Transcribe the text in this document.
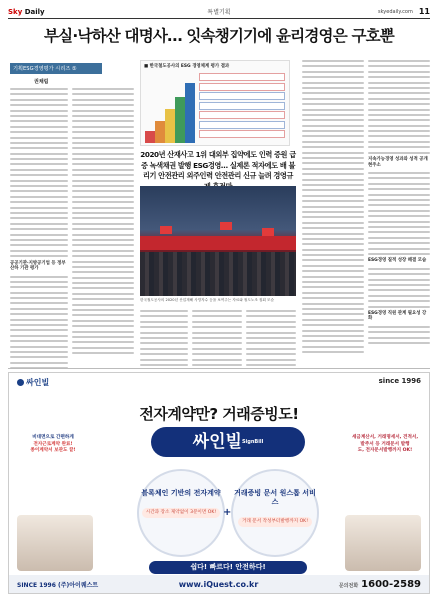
Sky Daily	특별기획	skyedaily.com 11
부실·낙하산 대명사… 잇속챙기기에 윤리경영은 구호뿐
기획ESG경영평가 시리즈 ⑤
권채림
공공기관·지방공기업 등 정부산하 기관 평가
■ 한국철도공사의 ESG 경영체계 평가 결과
2020년 산재사고 1위 대외부 집약에도 인력 증원 급증 녹색채권 발행 ESG경영… 실제론 적자에도 배 불리기 안전관리 외주인력 안전관리 신규 늘려 경영규
한국철도공사의 2020년 산업재해 사망자수 등을 보여주는 자료와 철도노조 집회 모습
지속가능경영 성과와 성적 공개 현주소
ESG경영 질적 성장 해결 모습
ESG경영 직원 관계 필요성 강화
싸인빌	since 1996
전자계약만? 거래증빙도!
싸인빌$^{SignBill}$
비대면으로 간편하게
전자근로계약 완료!
종이계약서 보관도 끝!
세금계산서, 거래명세서, 견적서,
발주서 등 거래문서 발행
도, 전자문서발행까지 OK!
블록체인 기반의 전자계약
시간과 장소 제약없이 3분이면 OK! +
거래증빙 문서 원스톱 서비스
거래 문서 작성부터발행까지 OK!
쉽다! 빠르다! 안전하다!
SINCE 1996 (주)아이퀘스트	www.iQuest.co.kr	문의전화 1600-2589
